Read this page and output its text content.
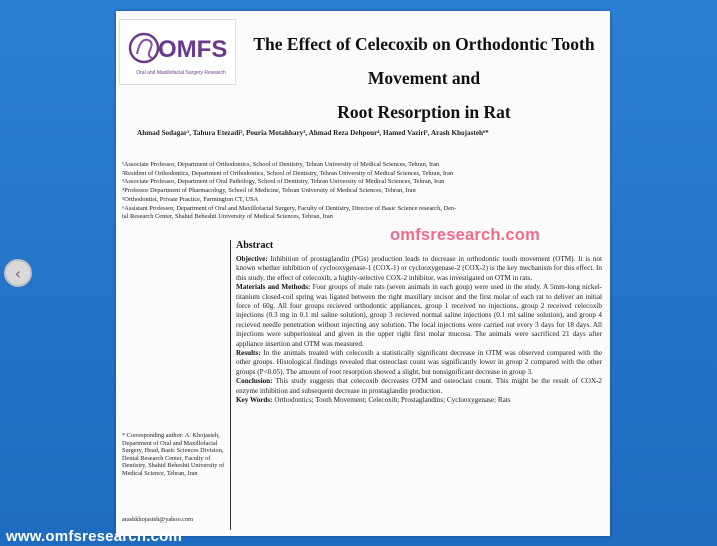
‹
OMFS
Oral and Maxillofacial Surgery Research
The Effect of Celecoxib on Orthodontic Tooth Movement and
Root Resorption in Rat
Ahmad Sodagar¹, Tahura Etezadi², Pouria Motahhary³, Ahmad Reza Dehpour⁴, Hamed Vaziri⁵, Arash Khojasteh⁶*
¹Associate Professor, Department of Orthodontics, School of Dentistry, Tehran University of Medical Sciences, Tehran, Iran
²Resident of Orthodontics, Department of Orthodontics, School of Dentistry, Tehran University of Medical Sciences, Tehran, Iran
³Associate Professor, Department of Oral Pathology, School of Dentistry, Tehran University of Medical Sciences, Tehran, Iran
⁴Professor Department of Pharmacology, School of Medicine, Tehran University of Medical Sciences, Tehran, Iran
⁵Orthodontist, Private Practice, Farmington CT, USA
⁶Assistant Professor, Department of Oral and Maxillofacial Surgery, Faculty of Dentistry, Director of Basic Science research, Den-
tal Research Center, Shahid Beheshti University of Medical Sciences, Tehran, Iran
omfsresearch.com
Abstract

Objective: Inhibition of prostaglandin (PGs) production leads to decrease in orthodontic tooth movement (OTM). It is not known whether inhibition of cyclooxygenase-1 (COX-1) or cyclooxygenase-2 (COX-2) is the key mechanism for this effect. In this study, the effect of celecoxib, a highly-selective COX-2 inhibitor, was investigated on OTM in rats.

Materials and Methods: Four groups of male rats (seven animals in each goup) were used in the study. A 5mm-long nickel-titanium closed-coil spring was ligated between the right maxillary incisor and the first molar of each rat to deliver an initial force of 60g. All four groups recieved orthodontic appliances, group 1 received no injections, group 2 received celecoxib injections (0.3 mg in 0.1 ml saline solution), group 3 recieved normal saline injections (0.1 ml saline solution), and group 4 recieved needle penetration without injecting any solution. The local injections were carried out every 3 days for 18 days. All injections were subperiosteal and given in the upper right first molar mucosa. The animals were sacrificed 21 days after appliance insertion and OTM was measured.

Results: In the animals treated with celecoxib a statistically significant decrease in OTM was observed compared with the other groups. Histological findings revealed that osteoclast count was significantly lower in group 2 compared with the other groups (P<0.05). The amount of root resorption showed a slight, but nonsignificant decrease in group 3.

Conclusion: This study suggests that celecoxib decreases OTM and osteoclast count. This might be the result of COX-2 enzyme inhibition and subsequent decrease in prostaglandin production.

Key Words: Orthodontics; Tooth Movement; Celecoxib; Prostaglandins; Cyclooxygenase; Rats

* Corresponding author: A. Khojasteh, Department of Oral and Maxillofacial Surgery, Head, Basic Sciences Division, Dental Research Center, Faculty of Dentistry, Shahid Beheshti University of Medical Science, Tehran, Iran
arashkhojasteh@yahoo.com
www.omfsresearch.com
